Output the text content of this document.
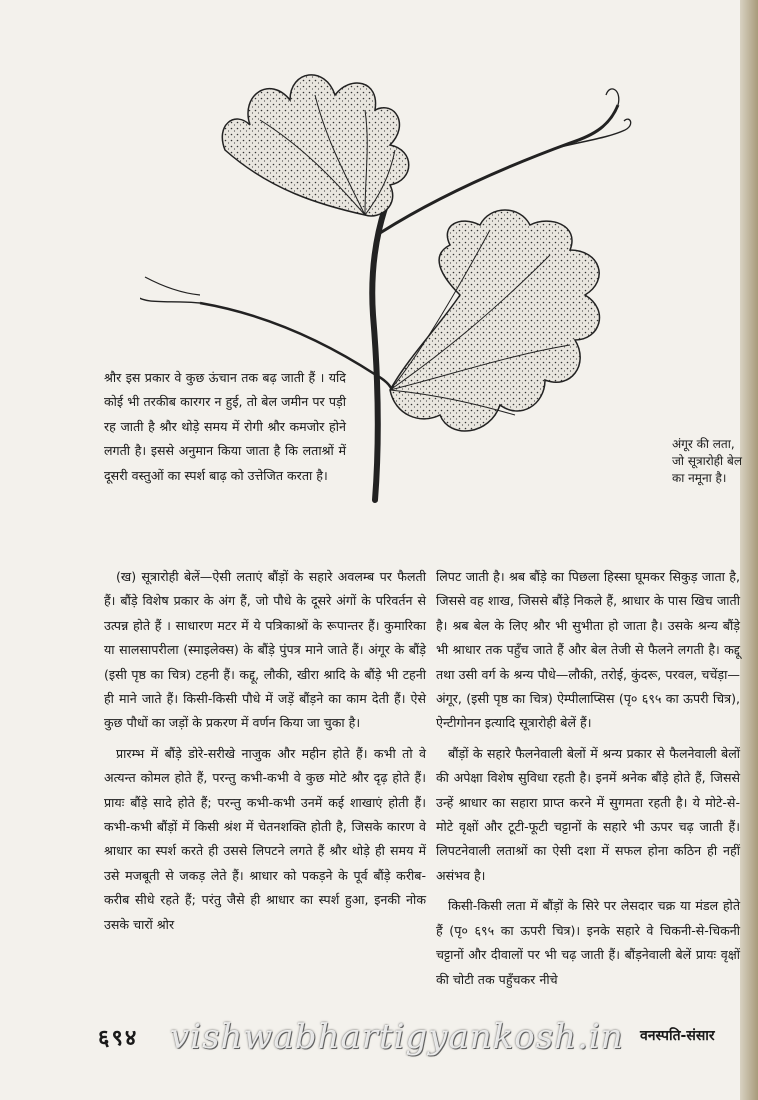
श्रौर इस प्रकार वे कुछ ऊंचान तक बढ़ जाती हैं । यदि कोई भी तरकीब कारगर न हुई, तो बेल जमीन पर पड़ी रह जाती है श्रौर थोड़े समय में रोगी श्रौर कमजोर होने लगती है। इससे अनुमान किया जाता है कि लताश्रों में दूसरी वस्तुओं का स्पर्श बाढ़ को उत्तेजित करता है।

अंगूर की लता, जो सूत्रारोही बेल का नमूना है।

(ख) सूत्रारोही बेलें—ऐसी लताएं बौंड़ों के सहारे अवलम्ब पर फैलती हैं। बौंड़े विशेष प्रकार के अंग हैं, जो पौधे के दूसरे अंगों के परिवर्तन से उत्पन्न होते हैं । साधारण मटर में ये पत्रिकाश्रों के रूपान्तर हैं। कुमारिका या सालसापरीला (स्माइलेक्स) के बौंड़े पुंपत्र माने जाते हैं। अंगूर के बौंड़े (इसी पृष्ठ का चित्र) टहनी हैं। कद्दू, लौकी, खीरा श्रादि के बौंड़े भी टहनी ही माने जाते हैं। किसी-किसी पौधे में जड़ें बौंड़ने का काम देती हैं। ऐसे कुछ पौधों का जड़ों के प्रकरण में वर्णन किया जा चुका है।

प्रारम्भ में बौंड़े डोरे-सरीखे नाजुक और महीन होते हैं। कभी तो वे अत्यन्त कोमल होते हैं, परन्तु कभी-कभी वे कुछ मोटे श्रौर दृढ़ होते हैं। प्रायः बौंड़े सादे होते हैं; परन्तु कभी-कभी उनमें कई शाखाएं होती हैं। कभी-कभी बौंड़ों में किसी श्रंश में चेतनशक्ति होती है, जिसके कारण वे श्राधार का स्पर्श करते ही उससे लिपटने लगते हैं श्रौर थोड़े ही समय में उसे मजबूती से जकड़ लेते हैं। श्राधार को पकड़ने के पूर्व बौंड़े करीब-करीब सीधे रहते हैं; परंतु जैसे ही श्राधार का स्पर्श हुआ, इनकी नोक उसके चारों श्रोर

लिपट जाती है। श्रब बौंड़े का पिछला हिस्सा घूमकर सिकुड़ जाता है, जिससे वह शाख, जिससे बौंड़े निकले हैं, श्राधार के पास खिच जाती है। श्रब बेल के लिए श्रौर भी सुभीता हो जाता है। उसके श्रन्य बौंड़े भी श्राधार तक पहुँच जाते हैं और बेल तेजी से फैलने लगती है। कद्दू तथा उसी वर्ग के श्रन्य पौधे—लौकी, तरोई, कुंदरू, परवल, चचेंड़ा—अंगूर, (इसी पृष्ठ का चित्र) ऐम्पीलाप्सिस (पृ० ६९५ का ऊपरी चित्र), ऐन्टीगोनन इत्यादि सूत्रारोही बेलें हैं।

बौंड़ों के सहारे फैलनेवाली बेलों में श्रन्य प्रकार से फैलनेवाली बेलों की अपेक्षा विशेष सुविधा रहती है। इनमें श्रनेक बौंड़े होते हैं, जिससे उन्हें श्राधार का सहारा प्राप्त करने में सुगमता रहती है। ये मोटे-से-मोटे वृक्षों और टूटी-फूटी चट्टानों के सहारे भी ऊपर चढ़ जाती हैं। लिपटनेवाली लताश्रों का ऐसी दशा में सफल होना कठिन ही नहीं असंभव है।

किसी-किसी लता में बौंड़ों के सिरे पर लेसदार चक्र या मंडल होते हैं (पृ० ६९५ का ऊपरी चित्र)। इनके सहारे वे चिकनी-से-चिकनी चट्टानों और दीवालों पर भी चढ़ जाती हैं। बौंड़नेवाली बेलें प्रायः वृक्षों की चोटी तक पहुँचकर नीचे

६९४ vishwabhartigyankosh.in वनस्पति-संसार
